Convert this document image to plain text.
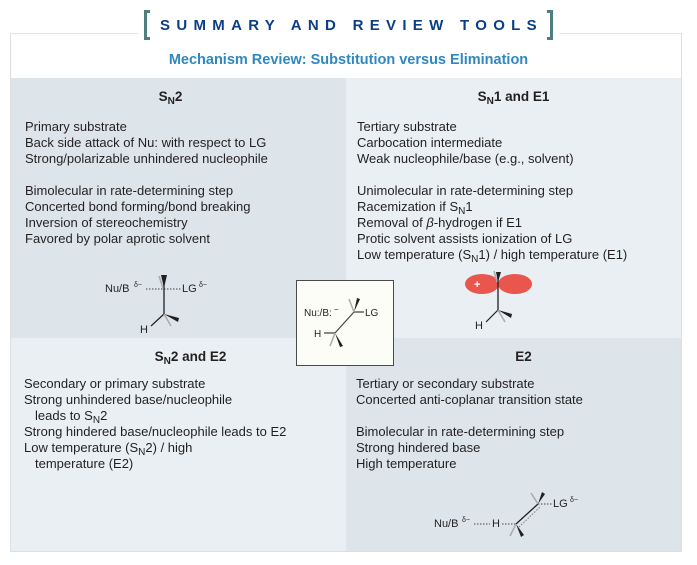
SUMMARY AND REVIEW TOOLS
Mechanism Review: Substitution versus Elimination
$S_N2$
Primary substrate
Back side attack of Nu: with respect to LG
Strong/polarizable unhindered nucleophile
Bimolecular in rate-determining step
Concerted bond forming/bond breaking
Inversion of stereochemistry
Favored by polar aprotic solvent
Nu/B δ−	LG δ−
H
$S_N1$ and E1
Tertiary substrate
Carbocation intermediate
Weak nucleophile/base (e.g., solvent)
Unimolecular in rate-determining step
Racemization if $S_N1$
Removal of β-hydrogen if E1
Protic solvent assists ionization of LG
Low temperature $(S_N1)$ / high temperature (E1)
+
H
$S_N2$ and E2
Secondary or primary substrate
Strong unhindered base/nucleophile
leads to $S_N2$
Strong hindered base/nucleophile leads to E2
Low temperature $(S_N2)$ / high
temperature (E2)
E2
Tertiary or secondary substrate
Concerted anti-coplanar transition state
Bimolecular in rate-determining step
Strong hindered base
High temperature
Nu/B δ− H
LG δ−
Nu:/B: −	LG
H
